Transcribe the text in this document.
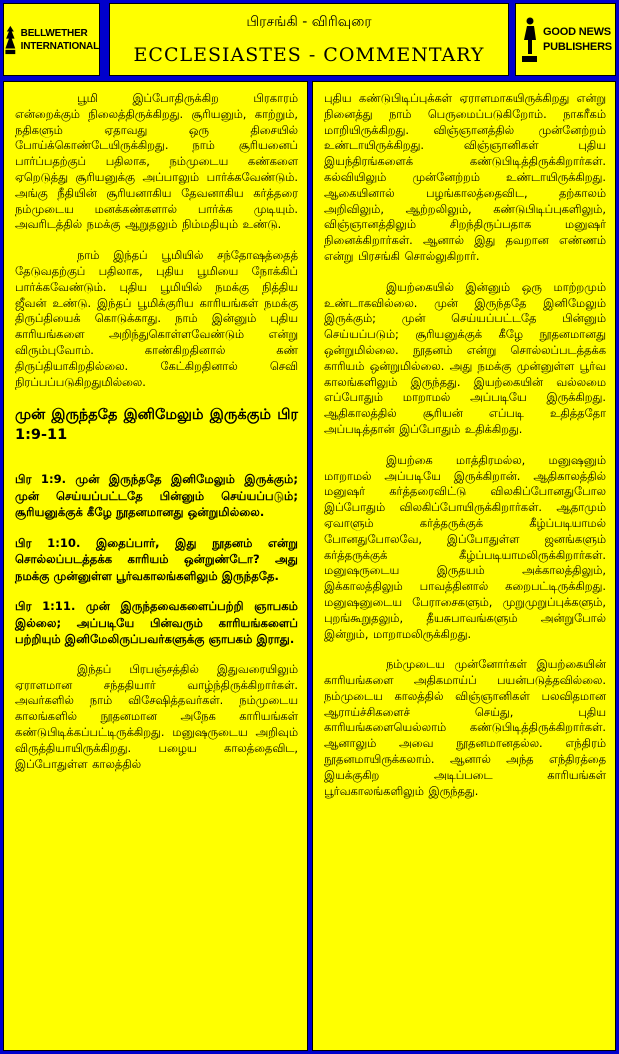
BELLWETHER
INTERNATIONAL
பிரசங்கி - விரிவுரை
ECCLESIASTES - COMMENTARY
GOOD NEWS
PUBLISHERS

பூமி இப்போதிருக்கிற பிரகாரம் என்றைக்கும் நிலைத்திருக்கிறது. சூரியனும், காற்றும், நதிகளும் ஏதாவது ஒரு திசையில் போய்க்கொண்டேயிருக்கிறது. நாம் சூரியனைப் பார்ப்பதற்குப் பதிலாக, நம்முடைய கண்களை ஏறெடுத்து சூரியனுக்கு அப்பாலும் பார்க்கவேண்டும். அங்கு நீதியின் சூரியனாகிய தேவனாகிய கர்த்தரை நம்முடைய மனக்கண்களால் பார்க்க முடியும். அவரிடத்தில் நமக்கு ஆறுதலும் நிம்மதியும் உண்டு.

நாம் இந்தப் பூமியில் சந்தோஷத்தைத் தேடுவதற்குப் பதிலாக, புதிய பூமியை நோக்கிப் பார்க்கவேண்டும். புதிய பூமியில் நமக்கு நித்திய ஜீவன் உண்டு. இந்தப் பூமிக்குரிய காரியங்கள் நமக்கு திருப்தியைக் கொடுக்காது. நாம் இன்னும் புதிய காரியங்களை அறிந்துகொள்ளவேண்டும் என்று விரும்புவோம். காண்கிறதினால் கண் திருப்தியாகிறதில்லை. கேட்கிறதினால் செவி நிரப்பப்படுகிறதுமில்லை.

முன் இருந்ததே இனிமேலும் இருக்கும் பிர 1:9-11

பிர 1:9. முன் இருந்ததே இனிமேலும் இருக்கும்; முன் செய்யப்பட்டதே பின்னும் செய்யப்படும்; சூரியனுக்குக் கீழே நூதனமானது ஒன்றுமில்லை.

பிர 1:10. இதைப்பார், இது நூதனம் என்று சொல்லப்படத்தக்க காரியம் ஒன்றுண்டோ? அது நமக்கு முன்னுள்ள பூர்வகாலங்களிலும் இருந்ததே.

பிர 1:11. முன் இருந்தவைகளைப்பற்றி ஞாபகம் இல்லை; அப்படியே பின்வரும் காரியங்களைப் பற்றியும் இனிமேலிருப்பவர்களுக்கு ஞாபகம் இராது.

இந்தப் பிரபஞ்சத்தில் இதுவரையிலும் ஏராளமான சந்ததியார் வாழ்ந்திருக்கிறார்கள். அவர்களில் நாம் விசேஷித்தவர்கள். நம்முடைய காலங்களில் நூதனமான அநேக காரியங்கள் கண்டுபிடிக்கப்பட்டிருக்கிறது. மனுஷருடைய அறிவும் விருத்தியாயிருக்கிறது. பழைய காலத்தைவிட, இப்போதுள்ள காலத்தில்

புதிய கண்டுபிடிப்புக்கள் ஏராளமாகயிருக்கிறது என்று நினைத்து நாம் பெருமைப்படுகிறோம். நாகரீகம் மாறியிருக்கிறது. விஞ்ஞானத்தில் முன்னேற்றம் உண்டாயிருக்கிறது. விஞ்ஞானிகள் புதிய இயந்திரங்களைக் கண்டுபிடித்திருக்கிறார்கள். கல்வியிலும் முன்னேற்றம் உண்டாயிருக்கிறது. ஆகையினால் பழங்காலத்தைவிட, தற்காலம் அறிவிலும், ஆற்றலிலும், கண்டுபிடிப்புகளிலும், விஞ்ஞானத்திலும் சிறந்திருப்பதாக மனுஷர் நினைக்கிறார்கள். ஆனால் இது தவறான எண்ணம் என்று பிரசங்கி சொல்லுகிறார்.

இயற்கையில் இன்னும் ஒரு மாற்றமும் உண்டாகவில்லை. முன் இருந்ததே இனிமேலும் இருக்கும்; முன் செய்யப்பட்டதே பின்னும் செய்யப்படும்; சூரியனுக்குக் கீழே நூதனமானது ஒன்றுமில்லை. நூதனம் என்று சொல்லப்படத்தக்க காரியம் ஒன்றுமில்லை. அது நமக்கு முன்னுள்ள பூர்வ காலங்களிலும் இருந்தது. இயற்கையின் வல்லமை எப்போதும் மாறாமல் அப்படியே இருக்கிறது. ஆதிகாலத்தில் சூரியன் எப்படி உதித்ததோ அப்படித்தான் இப்போதும் உதிக்கிறது.

இயற்கை மாத்திரமல்ல, மனுஷனும் மாறாமல் அப்படியே இருக்கிறான். ஆதிகாலத்தில் மனுஷர் கர்த்தரைவிட்டு விலகிப்போனதுபோல இப்போதும் விலகிப்போயிருக்கிறார்கள். ஆதாமும் ஏவாளும் கர்த்தருக்குக் கீழ்ப்படியாமல் போனதுபோலவே, இப்போதுள்ள ஜனங்களும் கர்த்தருக்குக் கீழ்ப்படியாமலிருக்கிறார்கள். மனுஷருடைய இருதயம் அக்காலத்திலும், இக்காலத்திலும் பாவத்தினால் கறைபட்டிருக்கிறது. மனுஷனுடைய பேராசைகளும், முறுமுறுப்புக்களும், புறங்கூறுதலும், தீயசுபாவங்களும் அன்றுபோல் இன்றும், மாறாமலிருக்கிறது.

நம்முடைய முன்னோர்கள் இயற்கையின் காரியங்களை அதிகமாய்ப் பயன்படுத்தவில்லை. நம்முடைய காலத்தில் விஞ்ஞானிகள் பலவிதமான ஆராய்ச்சிகளைச் செய்து, புதிய காரியங்களையெல்லாம் கண்டுபிடித்திருக்கிறார்கள். ஆனாலும் அவை நூதனமானதல்ல. எந்திரம் நூதனமாயிருக்கலாம். ஆனால் அந்த எந்திரத்தை இயக்குகிற அடிப்படை காரியங்கள் பூர்வகாலங்களிலும் இருந்தது.
